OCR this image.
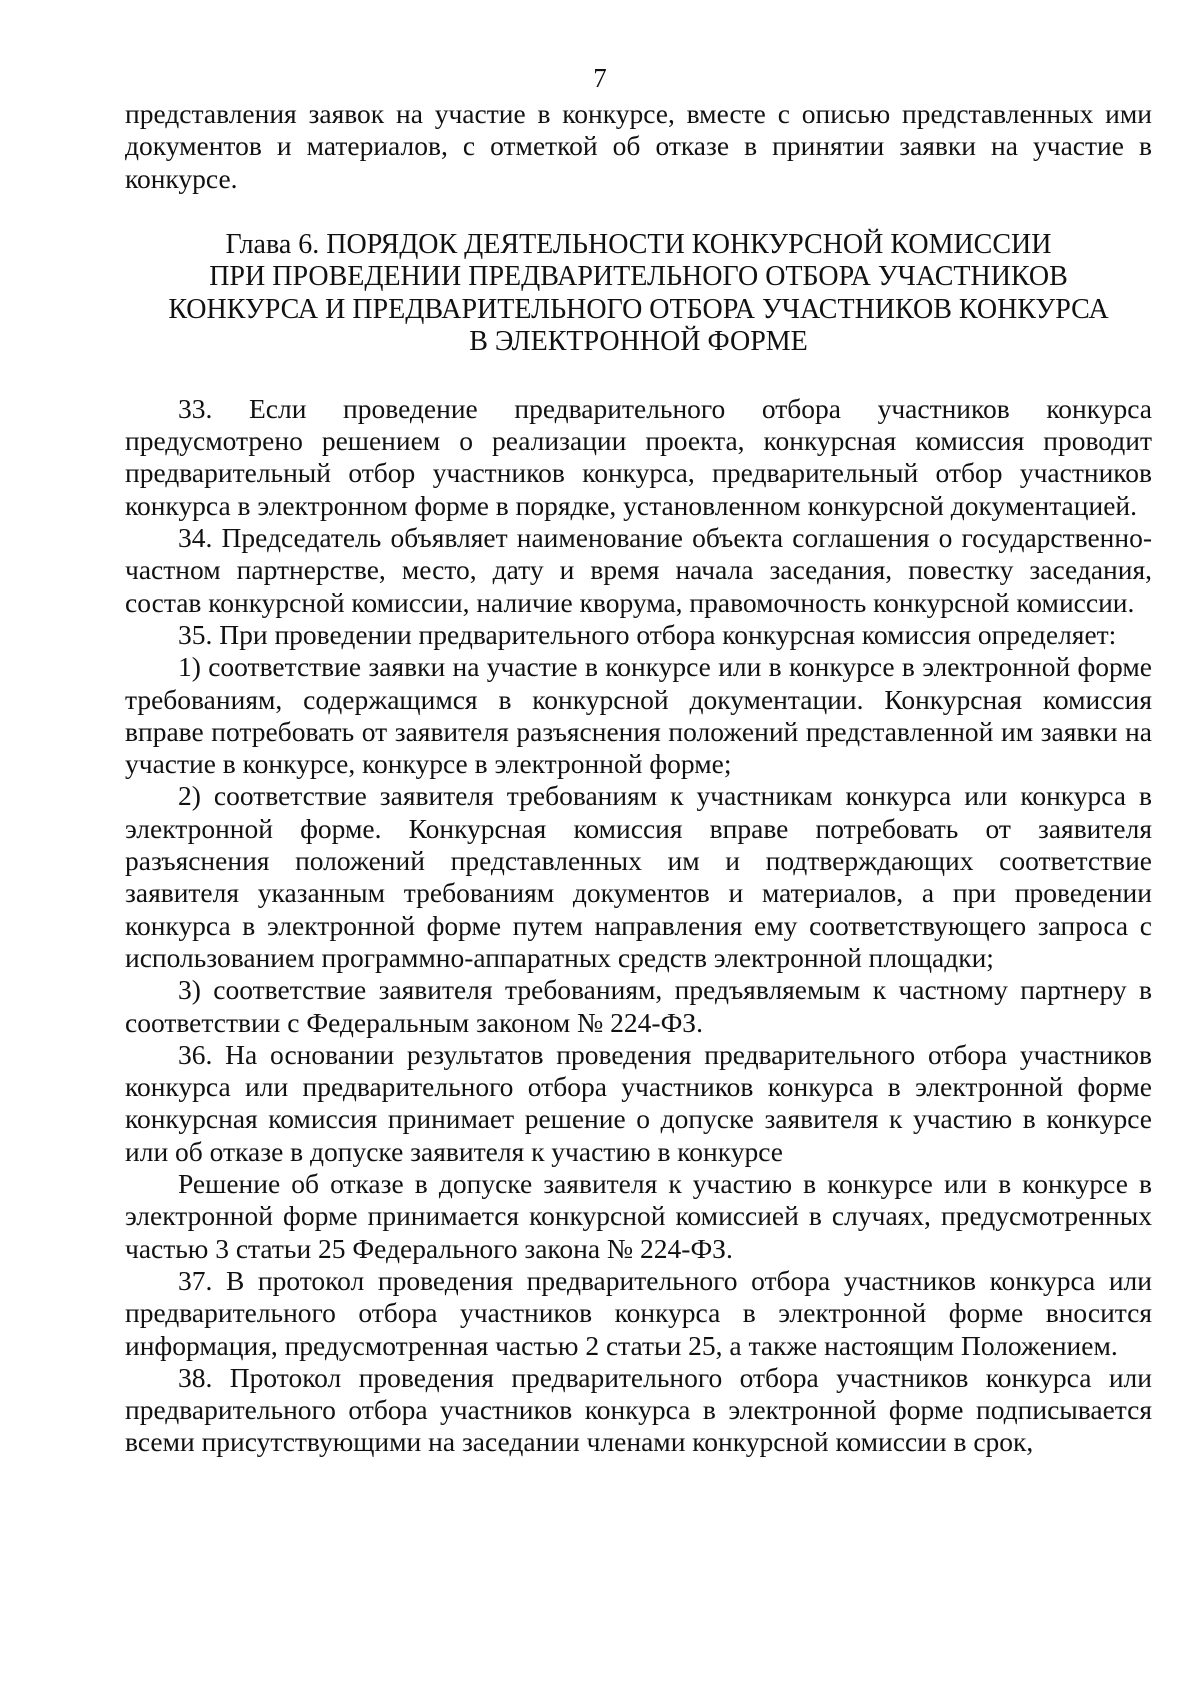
7

представления заявок на участие в конкурсе, вместе с описью представленных ими документов и материалов, с отметкой об отказе в принятии заявки на участие в конкурсе.

Глава 6. ПОРЯДОК ДЕЯТЕЛЬНОСТИ КОНКУРСНОЙ КОМИССИИ
ПРИ ПРОВЕДЕНИИ ПРЕДВАРИТЕЛЬНОГО ОТБОРА УЧАСТНИКОВ
КОНКУРСА И ПРЕДВАРИТЕЛЬНОГО ОТБОРА УЧАСТНИКОВ КОНКУРСА
В ЭЛЕКТРОННОЙ ФОРМЕ

33. Если проведение предварительного отбора участников конкурса предусмотрено решением о реализации проекта, конкурсная комиссия проводит предварительный отбор участников конкурса, предварительный отбор участников конкурса в электронном форме в порядке, установленном конкурсной документацией.

34. Председатель объявляет наименование объекта соглашения о государственно-частном партнерстве, место, дату и время начала заседания, повестку заседания, состав конкурсной комиссии, наличие кворума, правомочность конкурсной комиссии.

35. При проведении предварительного отбора конкурсная комиссия определяет:

1) соответствие заявки на участие в конкурсе или в конкурсе в электронной форме требованиям, содержащимся в конкурсной документации. Конкурсная комиссия вправе потребовать от заявителя разъяснения положений представленной им заявки на участие в конкурсе, конкурсе в электронной форме;

2) соответствие заявителя требованиям к участникам конкурса или конкурса в электронной форме. Конкурсная комиссия вправе потребовать от заявителя разъяснения положений представленных им и подтверждающих соответствие заявителя указанным требованиям документов и материалов, а при проведении конкурса в электронной форме путем направления ему соответствующего запроса с использованием программно-аппаратных средств электронной площадки;

3) соответствие заявителя требованиям, предъявляемым к частному партнеру в соответствии с Федеральным законом № 224-ФЗ.

36. На основании результатов проведения предварительного отбора участников конкурса или предварительного отбора участников конкурса в электронной форме конкурсная комиссия принимает решение о допуске заявителя к участию в конкурсе или об отказе в допуске заявителя к участию в конкурсе

Решение об отказе в допуске заявителя к участию в конкурсе или в конкурсе в электронной форме принимается конкурсной комиссией в случаях, предусмотренных частью 3 статьи 25 Федерального закона № 224-ФЗ.

37. В протокол проведения предварительного отбора участников конкурса или предварительного отбора участников конкурса в электронной форме вносится информация, предусмотренная частью 2 статьи 25, а также настоящим Положением.

38. Протокол проведения предварительного отбора участников конкурса или предварительного отбора участников конкурса в электронной форме подписывается всеми присутствующими на заседании членами конкурсной комиссии в срок,
